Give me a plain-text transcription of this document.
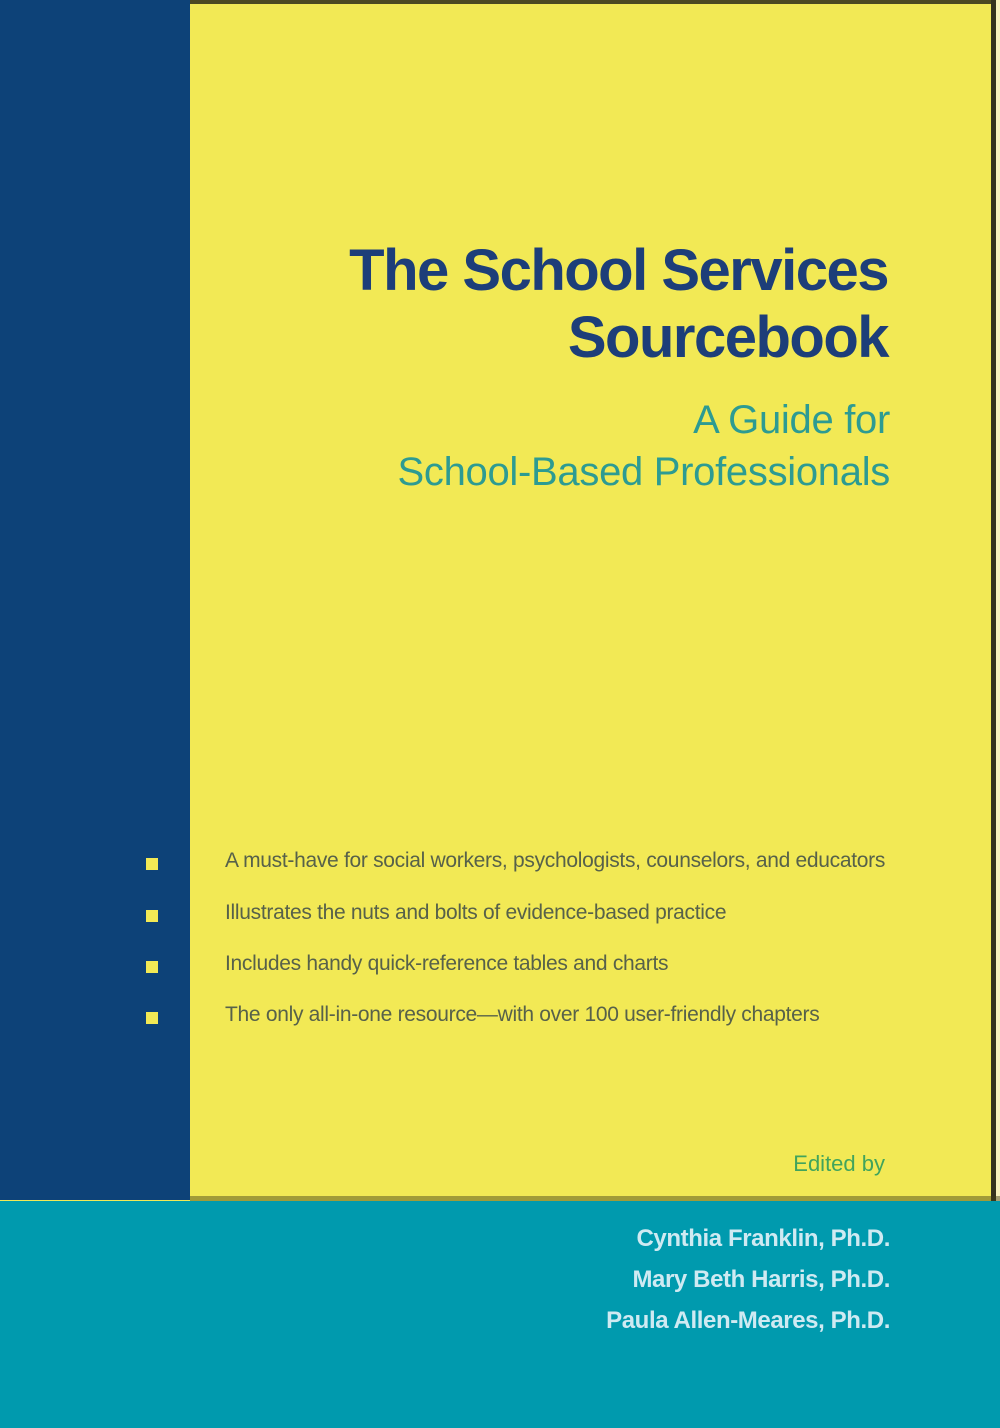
The School Services
Sourcebook
A Guide for
School-Based Professionals
A must-have for social workers, psychologists, counselors, and educators
Illustrates the nuts and bolts of evidence-based practice
Includes handy quick-reference tables and charts
The only all-in-one resource—with over 100 user-friendly chapters
Edited by
Cynthia Franklin, Ph.D.
Mary Beth Harris, Ph.D.
Paula Allen-Meares, Ph.D.
